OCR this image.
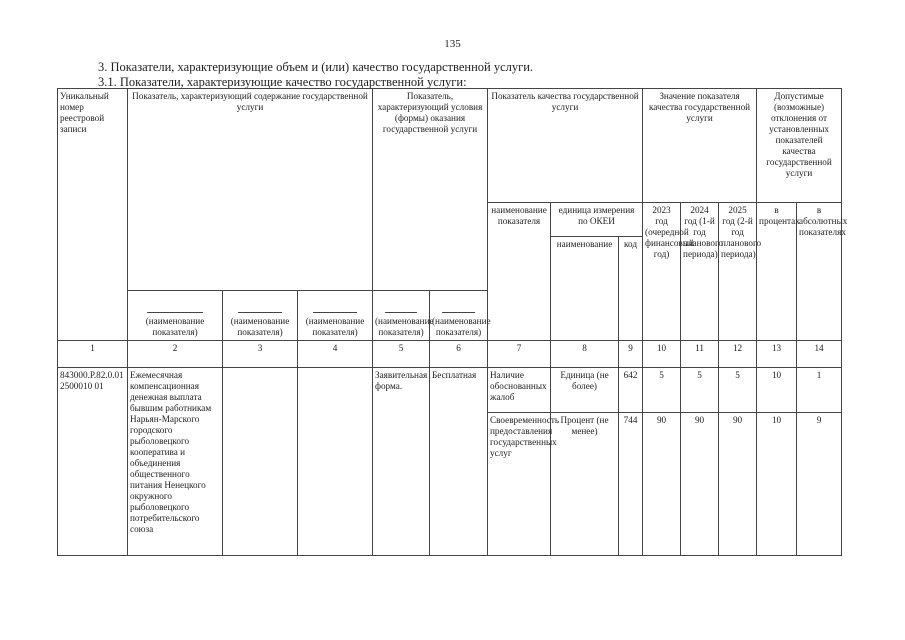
135
3. Показатели, характеризующие объем и (или) качество государственной услуги.
3.1. Показатели, характеризующие качество государственной услуги:
Уникальный номер реестровой записи	Показатель, характеризующий содержание государственной услуги			Показатель, характеризующий условия (формы) оказания государственной услуги		Показатель качества государственной услуги			Значение показателя качества государственной услуги			Допустимые (возможные) отклонения от установленных показателей качества государственной услуги	
						наименование показателя	единица измерения по ОКЕИ		2023 год (очередной финансовый год)	2024 год (1-й год планового периода)	2025 год (2-й год планового периода)	в процентах	в абсолютных показателях
							наименование	код					

(наименование показателя)	(наименование показателя)	(наименование показателя)	(наименование показателя)	(наименование показателя)								
1	2	3	4	5	6	7	8	9	10	11	12	13	14
843000.Р.82.0.012500010 01	Ежемесячная компенсационная денежная выплата бывшим работникам Нарьян-Марского городского рыболовецкого кооператива и объединения общественного питания Ненецкого окружного рыболовецкого потребительского союза			Заявительная форма.	Бесплатная	Наличие обоснованных жалоб	Единица (не более)	642	5	5	5	10	1
						Своевременность предоставления государственных услуг	Процент (не менее)	744	90	90	90	10	9
